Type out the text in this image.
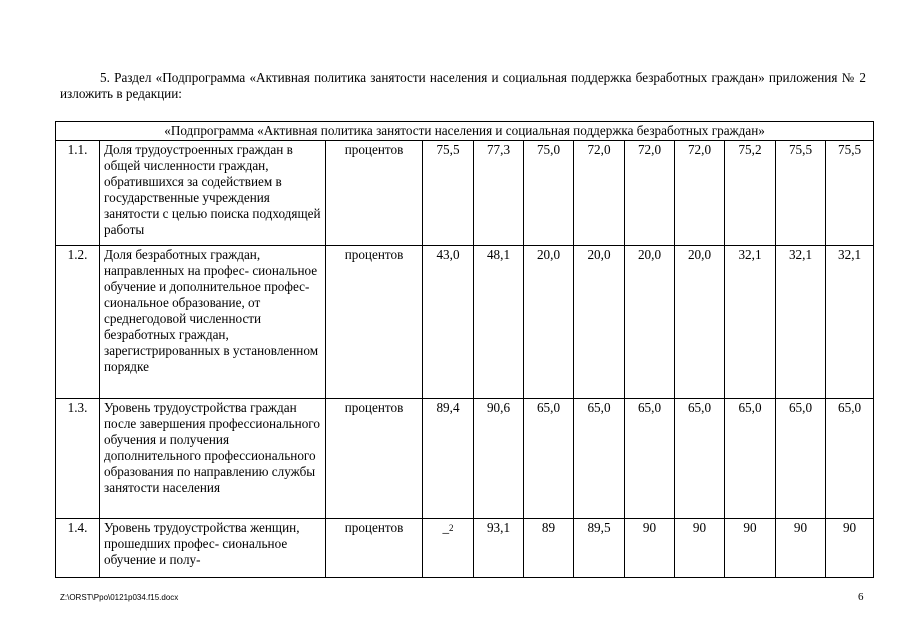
5. Раздел «Подпрограмма «Активная политика занятости населения и социальная поддержка безработных граждан» приложения № 2 изложить в редакции:

«Подпрограмма «Активная политика занятости населения и социальная поддержка безработных граждан»											
1.1.	Доля трудоустроенных граждан в общей численности граждан, обратившихся за содействием в государственные учреждения занятости с целью поиска подходящей работы	процентов	75,5	77,3	75,0	72,0	72,0	72,0	75,2	75,5	75,5
1.2.	Доля безработных граждан, направленных на профес- сиональное обучение и дополнительное профес- сиональное образование, от среднегодовой численности безработных граждан, зарегистрированных в установленном порядке	процентов	43,0	48,1	20,0	20,0	20,0	20,0	32,1	32,1	32,1
1.3.	Уровень трудоустройства граждан после завершения профессионального обучения и получения дополнительного профессионального образования по направлению службы занятости населения	процентов	89,4	90,6	65,0	65,0	65,0	65,0	65,0	65,0	65,0
1.4.	Уровень трудоустройства женщин, прошедших профес- сиональное обучение и полу-	процентов	–$^2$	93,1	89	89,5	90	90	90	90	90
Z:\ORST\Ppo\0121p034.f15.docx	6
